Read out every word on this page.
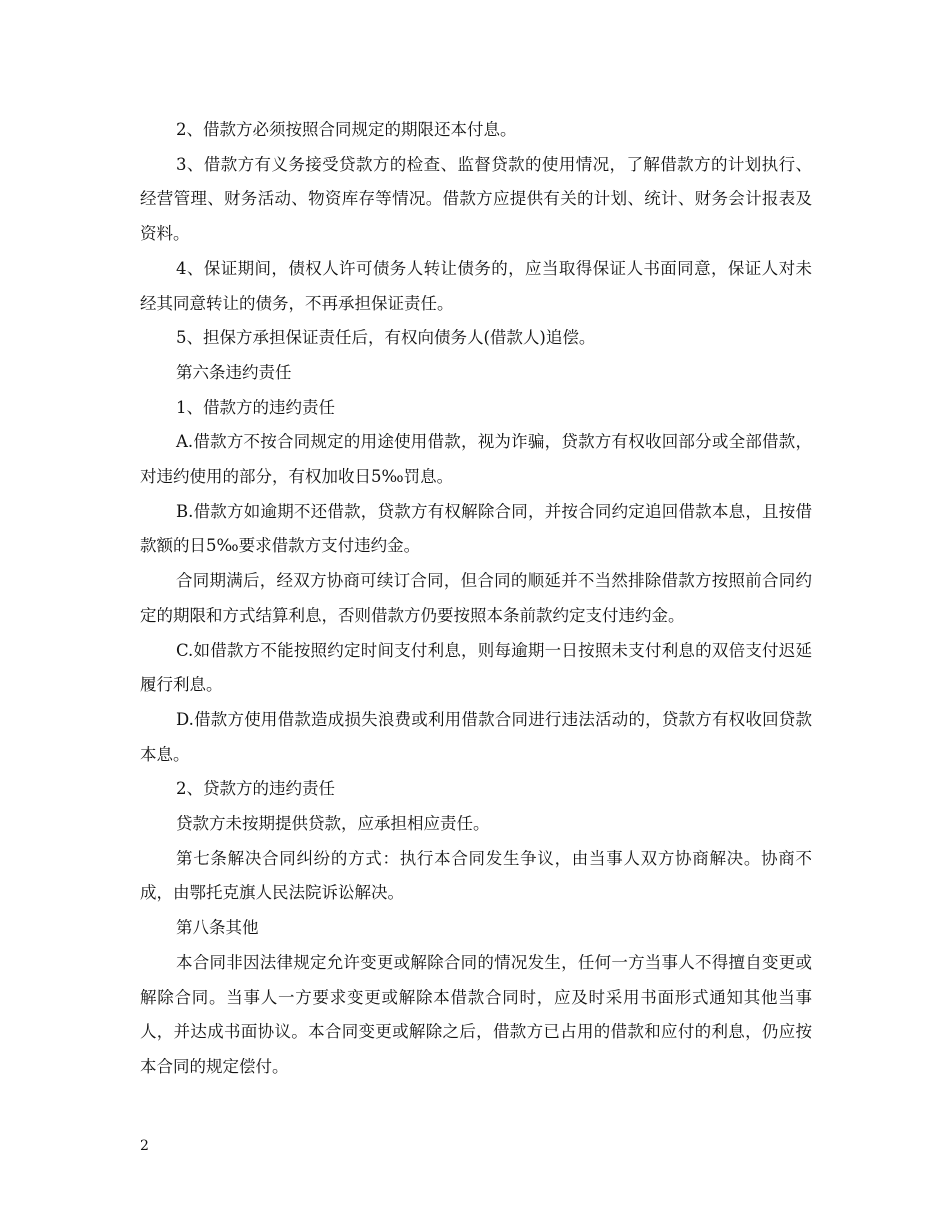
2、借款方必须按照合同规定的期限还本付息。

3、借款方有义务接受贷款方的检查、监督贷款的使用情况，了解借款方的计划执行、经营管理、财务活动、物资库存等情况。借款方应提供有关的计划、统计、财务会计报表及资料。

4、保证期间，债权人许可债务人转让债务的，应当取得保证人书面同意，保证人对未经其同意转让的债务，不再承担保证责任。

5、担保方承担保证责任后，有权向债务人(借款人)追偿。

第六条违约责任

1、借款方的违约责任

A.借款方不按合同规定的用途使用借款，视为诈骗，贷款方有权收回部分或全部借款，对违约使用的部分，有权加收日5‰罚息。

B.借款方如逾期不还借款，贷款方有权解除合同，并按合同约定追回借款本息，且按借款额的日5‰要求借款方支付违约金。

合同期满后，经双方协商可续订合同，但合同的顺延并不当然排除借款方按照前合同约定的期限和方式结算利息，否则借款方仍要按照本条前款约定支付违约金。

C.如借款方不能按照约定时间支付利息，则每逾期一日按照未支付利息的双倍支付迟延履行利息。

D.借款方使用借款造成损失浪费或利用借款合同进行违法活动的，贷款方有权收回贷款本息。

2、贷款方的违约责任

贷款方未按期提供贷款，应承担相应责任。

第七条解决合同纠纷的方式：执行本合同发生争议，由当事人双方协商解决。协商不成，由鄂托克旗人民法院诉讼解决。

第八条其他

本合同非因法律规定允许变更或解除合同的情况发生，任何一方当事人不得擅自变更或解除合同。当事人一方要求变更或解除本借款合同时，应及时采用书面形式通知其他当事人，并达成书面协议。本合同变更或解除之后，借款方已占用的借款和应付的利息，仍应按本合同的规定偿付。

2
